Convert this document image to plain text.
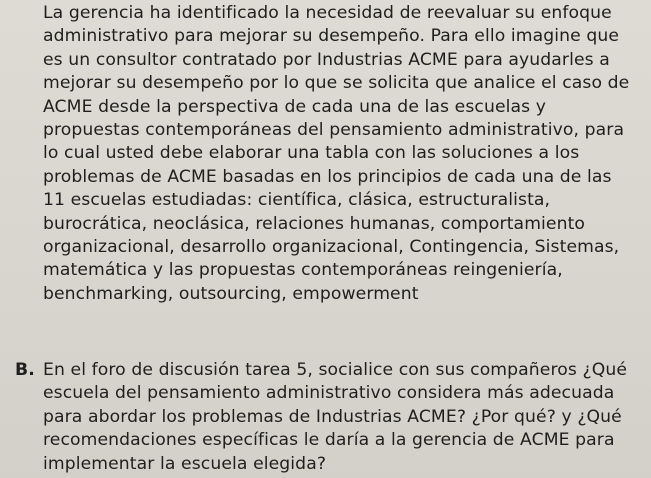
La gerencia ha identificado la necesidad de reevaluar su enfoque
administrativo para mejorar su desempeño. Para ello imagine que
es un consultor contratado por Industrias ACME para ayudarles a
mejorar su desempeño por lo que se solicita que analice el caso de
ACME desde la perspectiva de cada una de las escuelas y
propuestas contemporáneas del pensamiento administrativo, para
lo cual usted debe elaborar una tabla con las soluciones a los
problemas de ACME basadas en los principios de cada una de las
11 escuelas estudiadas: científica, clásica, estructuralista,
burocrática, neoclásica, relaciones humanas, comportamiento
organizacional, desarrollo organizacional, Contingencia, Sistemas,
matemática y las propuestas contemporáneas reingeniería,
benchmarking, outsourcing, empowerment
B. En el foro de discusión tarea 5, socialice con sus compañeros ¿Qué
escuela del pensamiento administrativo considera más adecuada
para abordar los problemas de Industrias ACME? ¿Por qué? y ¿Qué
recomendaciones específicas le daría a la gerencia de ACME para
implementar la escuela elegida?
